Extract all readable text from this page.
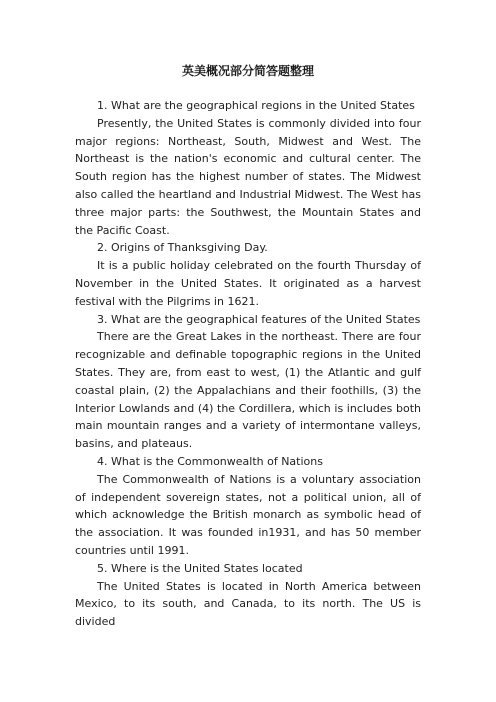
英美概况部分简答题整理

1. What are the geographical regions in the United States

Presently, the United States is commonly divided into four major regions: Northeast, South, Midwest and West. The Northeast is the nation's economic and cultural center. The South region has the highest number of states. The Midwest also called the heartland and Industrial Midwest. The West has three major parts: the Southwest, the Mountain States and the Pacific Coast.

2. Origins of Thanksgiving Day.

It is a public holiday celebrated on the fourth Thursday of November in the United States. It originated as a harvest festival with the Pilgrims in 1621.

3. What are the geographical features of the United States

There are the Great Lakes in the northeast. There are four recognizable and definable topographic regions in the United States. They are, from east to west, (1) the Atlantic and gulf coastal plain, (2) the Appalachians and their foothills, (3) the Interior Lowlands and (4) the Cordillera, which is includes both main mountain ranges and a variety of intermontane valleys, basins, and plateaus.

4. What is the Commonwealth of Nations

The Commonwealth of Nations is a voluntary association of independent sovereign states, not a political union, all of which acknowledge the British monarch as symbolic head of the association. It was founded in1931, and has 50 member countries until 1991.

5. Where is the United States located

The United States is located in North America between Mexico, to its south, and Canada, to its north. The US is divided
